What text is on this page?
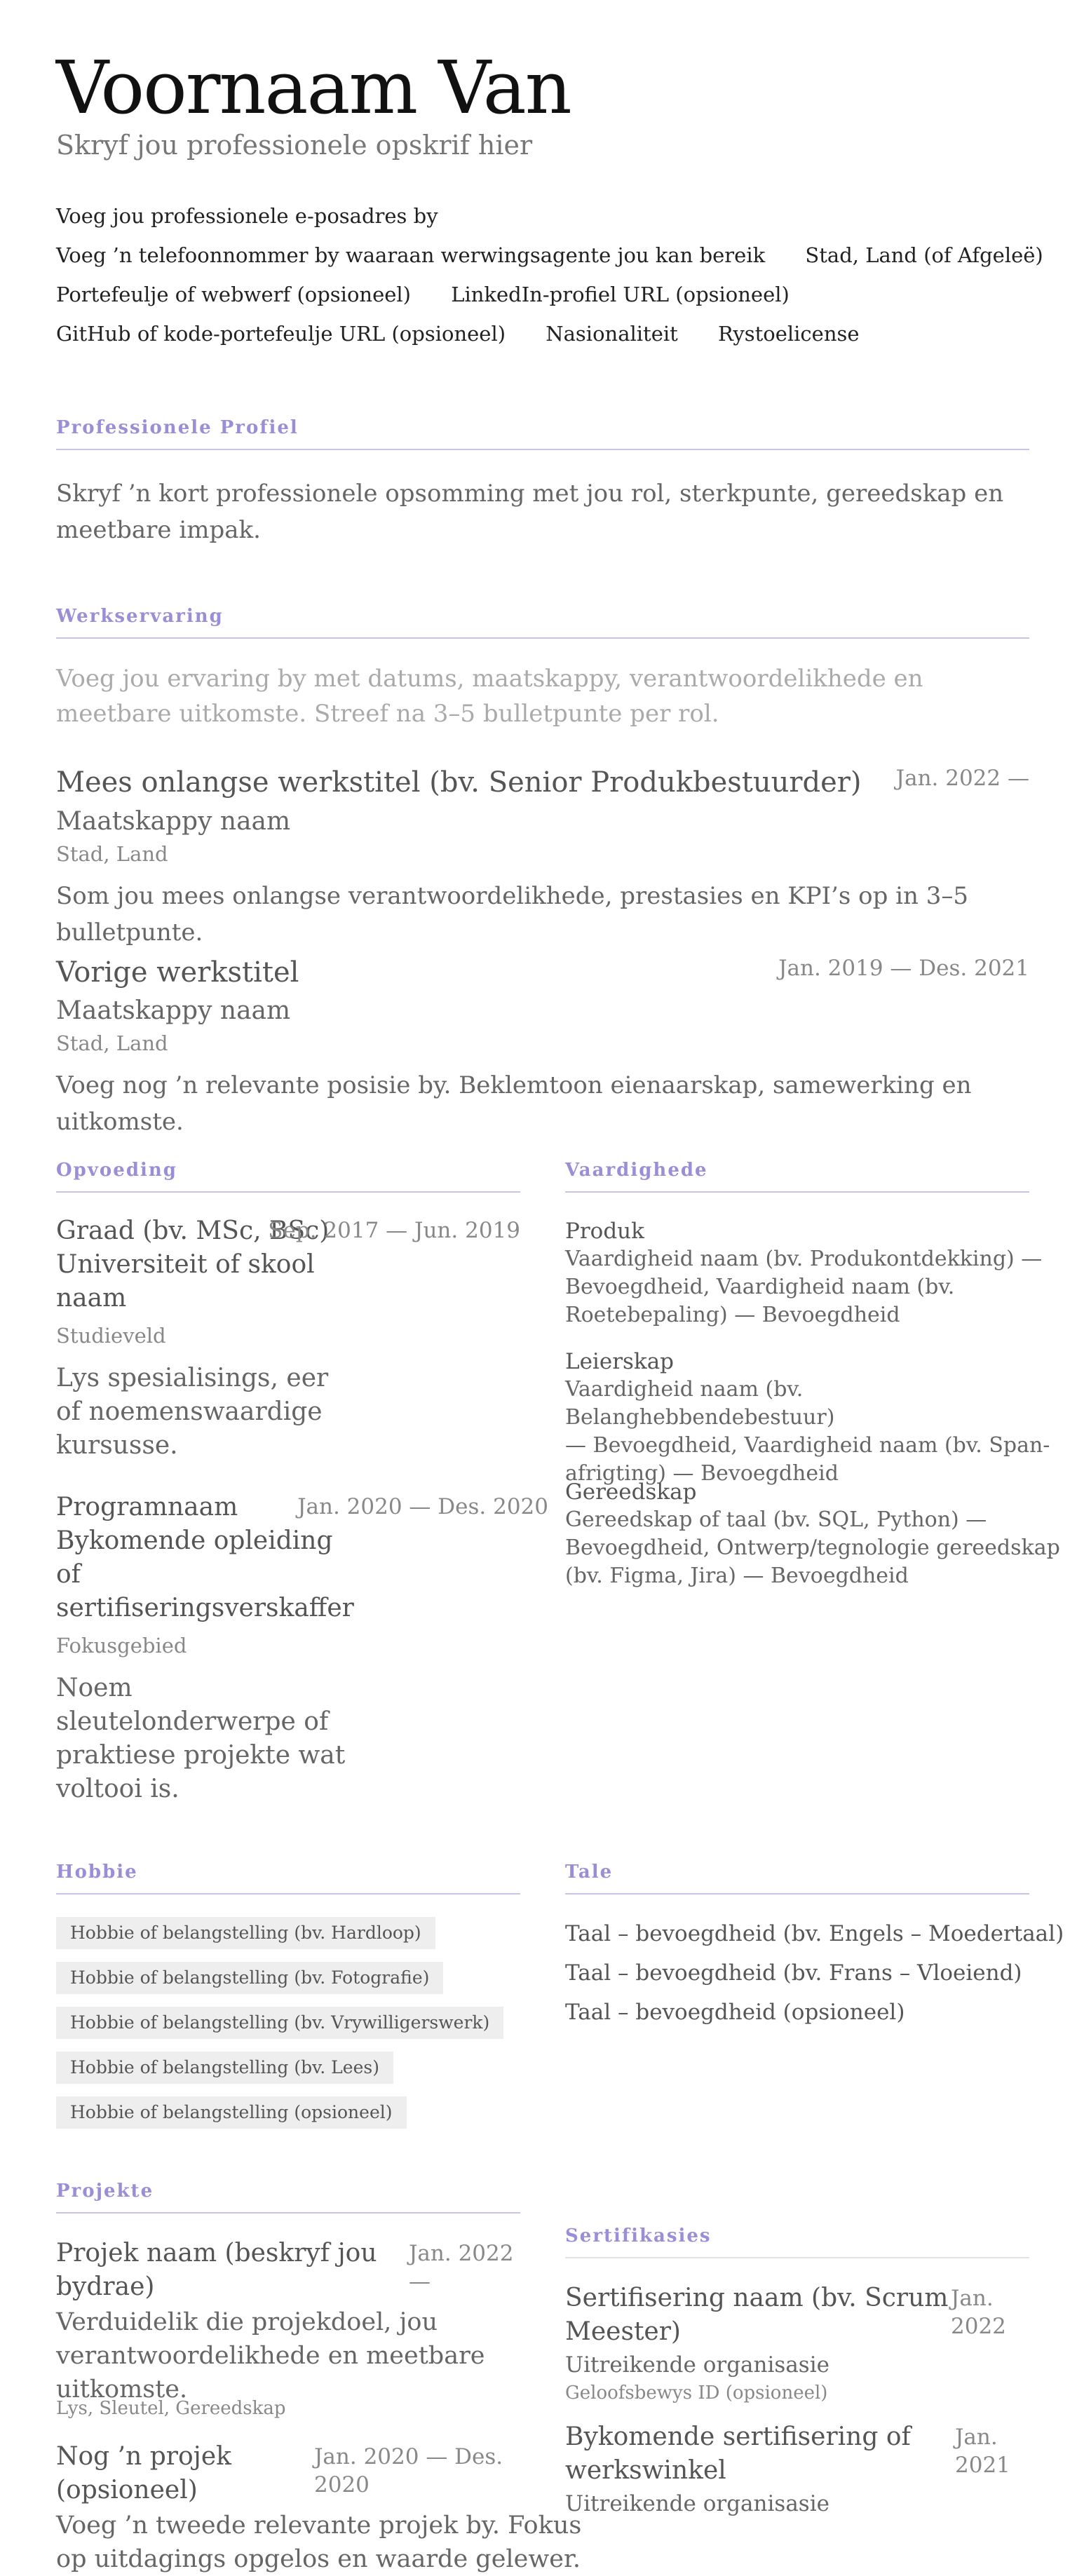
Voornaam Van
Skryf jou professionele opskrif hier
Voeg jou professionele e-posadres by
Voeg ’n telefoonnommer by waaraan werwingsagente jou kan bereik Stad, Land (of Afgeleë)
Portefeulje of webwerf (opsioneel) LinkedIn-profiel URL (opsioneel)
GitHub of kode-portefeulje URL (opsioneel) Nasionaliteit Rystoelicense
Professionele Profiel
Skryf ’n kort professionele opsomming met jou rol, sterkpunte, gereedskap en meetbare impak.
Werkservaring
Voeg jou ervaring by met datums, maatskappy, verantwoordelikhede en meetbare uitkomste. Streef na 3–5 bulletpunte per rol.
Mees onlangse werkstitel (bv. Senior Produkbestuurder) Jan. 2022 —
Maatskappy naam
Stad, Land
Som jou mees onlangse verantwoordelikhede, prestasies en KPI’s op in 3–5 bulletpunte.
Vorige werkstitel	Jan. 2019 — Des. 2021
Maatskappy naam
Stad, Land
Voeg nog ’n relevante posisie by. Beklemtoon eienaarskap, samewerking en uitkomste.
Opvoeding
Graad (bv. MSc, BSc)
Universiteit of skool
naam
Sep. 2017 — Jun. 2019
Studieveld
Lys spesialisings, eer
of noemenswaardige
kursusse.
Programnaam
Bykomende opleiding
of
sertifiseringsverskaffer
Jan. 2020 — Des. 2020
Fokusgebied
Noem
sleutelonderwerpe of
praktiese projekte wat
voltooi is.
Vaardighede
Produk
Vaardigheid naam (bv. Produkontdekking) —
Bevoegdheid, Vaardigheid naam (bv.
Roetebepaling) — Bevoegdheid
Leierskap
Vaardigheid naam (bv. Belanghebbendebestuur)
— Bevoegdheid, Vaardigheid naam (bv. Span-
afrigting) — Bevoegdheid
Gereedskap
Gereedskap of taal (bv. SQL, Python) —
Bevoegdheid, Ontwerp/tegnologie gereedskap
(bv. Figma, Jira) — Bevoegdheid
Hobbie
Hobbie of belangstelling (bv. Hardloop)
Hobbie of belangstelling (bv. Fotografie)
Hobbie of belangstelling (bv. Vrywilligerswerk)
Hobbie of belangstelling (bv. Lees)
Hobbie of belangstelling (opsioneel)
Tale
Taal – bevoegdheid (bv. Engels – Moedertaal)
Taal – bevoegdheid (bv. Frans – Vloeiend)
Taal – bevoegdheid (opsioneel)
Projekte
Projek naam (beskryf jou
bydrae)
Jan. 2022
—
Verduidelik die projekdoel, jou
verantwoordelikhede en meetbare
uitkomste.
Lys, Sleutel, Gereedskap
Nog ’n projek
(opsioneel)
Jan. 2020 — Des.
2020
Voeg ’n tweede relevante projek by. Fokus
op uitdagings opgelos en waarde gelewer.
Sertifikasies
Sertifisering naam (bv. Scrum
Meester)
Jan.
2022
Uitreikende organisasie
Geloofsbewys ID (opsioneel)
Bykomende sertifisering of
werkswinkel
Jan.
2021
Uitreikende organisasie
